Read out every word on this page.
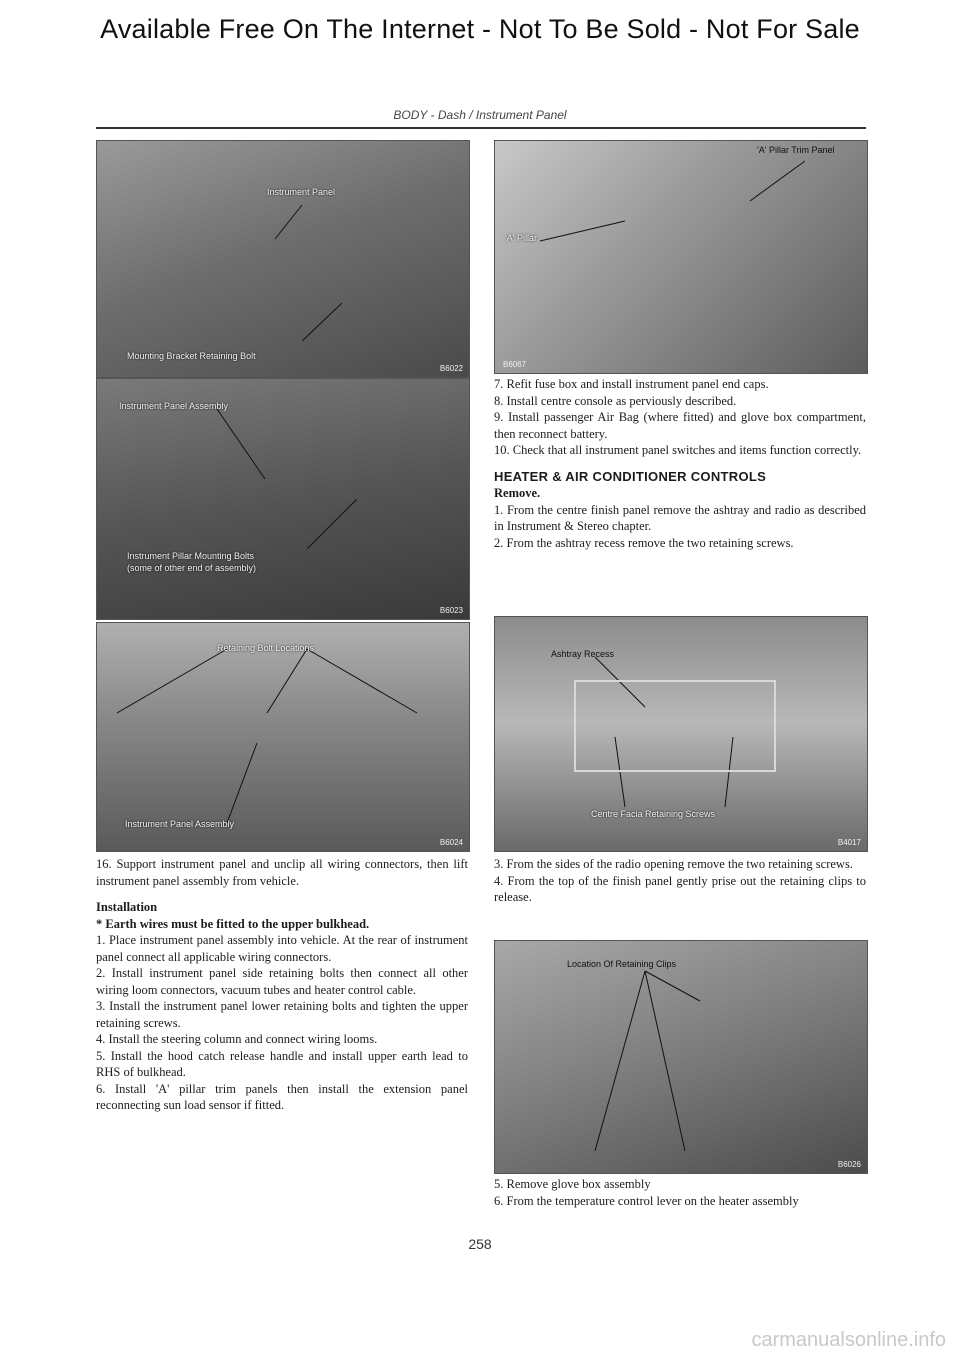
Available Free On The Internet - Not To Be Sold - Not For Sale
BODY - Dash / Instrument Panel
Instrument Panel
Mounting Bracket Retaining Bolt
B6022
Instrument Panel Assembly
Instrument Pillar Mounting Bolts
(some of other end of assembly)
B6023
Retaining Bolt Locations
Instrument Panel Assembly
B6024

16. Support instrument panel and unclip all wiring connectors, then lift instrument panel assembly from vehicle.

Installation

* Earth wires must be fitted to the upper bulkhead.

1. Place instrument panel assembly into vehicle. At the rear of instrument panel connect all applicable wiring connectors.

2. Install instrument panel side retaining bolts then connect all other wiring loom connectors, vacuum tubes and heater control cable.

3. Install the instrument panel lower retaining bolts and tighten the upper retaining screws.

4. Install the steering column and connect wiring looms.

5. Install the hood catch release handle and install upper earth lead to RHS of bulkhead.

6. Install 'A' pillar trim panels then install the extension panel reconnecting sun load sensor if fitted.

'A' Pillar Trim Panel
'A' Pillar
B6067

7. Refit fuse box and install instrument panel end caps.

8. Install centre console as perviously described.

9. Install passenger Air Bag (where fitted) and glove box compartment, then reconnect battery.

10. Check that all instrument panel switches and items function correctly.

HEATER & AIR CONDITIONER CONTROLS

Remove.

1. From the centre finish panel remove the ashtray and radio as described in Instrument & Stereo chapter.

2. From the ashtray recess remove the two retaining screws.

Ashtray Recess
Centre Facia Retaining Screws
B4017

3. From the sides of the radio opening remove the two retaining screws.

4. From the top of the finish panel gently prise out the retaining clips to release.

Location Of Retaining Clips
B6026

5. Remove glove box assembly

6. From the temperature control lever on the heater assembly

258
carmanualsonline.info
